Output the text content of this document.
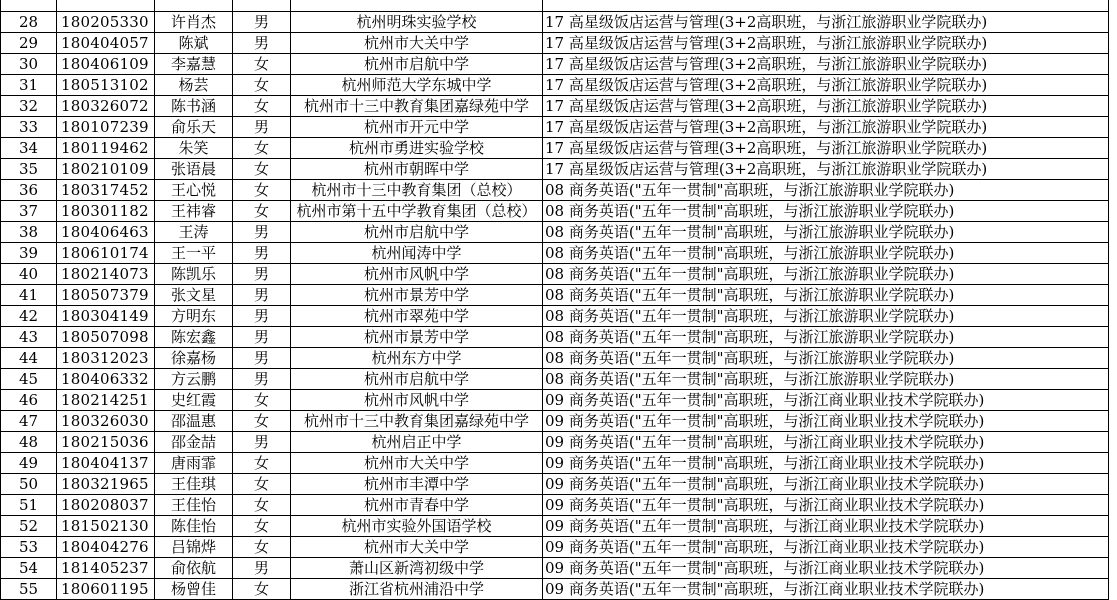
28	180205330	许肖杰	男	杭州明珠实验学校	17 高星级饭店运营与管理(3+2高职班，与浙江旅游职业学院联办)
29	180404057	陈斌	男	杭州市大关中学	17 高星级饭店运营与管理(3+2高职班，与浙江旅游职业学院联办)
30	180406109	李嘉慧	女	杭州市启航中学	17 高星级饭店运营与管理(3+2高职班，与浙江旅游职业学院联办)
31	180513102	杨芸	女	杭州师范大学东城中学	17 高星级饭店运营与管理(3+2高职班，与浙江旅游职业学院联办)
32	180326072	陈书涵	女	杭州市十三中教育集团嘉绿苑中学	17 高星级饭店运营与管理(3+2高职班，与浙江旅游职业学院联办)
33	180107239	俞乐天	男	杭州市开元中学	17 高星级饭店运营与管理(3+2高职班，与浙江旅游职业学院联办)
34	180119462	朱笑	女	杭州市勇进实验学校	17 高星级饭店运营与管理(3+2高职班，与浙江旅游职业学院联办)
35	180210109	张语晨	女	杭州市朝晖中学	17 高星级饭店运营与管理(3+2高职班，与浙江旅游职业学院联办)
36	180317452	王心悦	女	杭州市十三中教育集团（总校）	08 商务英语("五年一贯制"高职班，与浙江旅游职业学院联办)
37	180301182	王祎睿	女	杭州市第十五中学教育集团（总校）	08 商务英语("五年一贯制"高职班，与浙江旅游职业学院联办)
38	180406463	王涛	男	杭州市启航中学	08 商务英语("五年一贯制"高职班，与浙江旅游职业学院联办)
39	180610174	王一平	男	杭州闻涛中学	08 商务英语("五年一贯制"高职班，与浙江旅游职业学院联办)
40	180214073	陈凯乐	男	杭州市风帆中学	08 商务英语("五年一贯制"高职班，与浙江旅游职业学院联办)
41	180507379	张文星	男	杭州市景芳中学	08 商务英语("五年一贯制"高职班，与浙江旅游职业学院联办)
42	180304149	方明东	男	杭州市翠苑中学	08 商务英语("五年一贯制"高职班，与浙江旅游职业学院联办)
43	180507098	陈宏鑫	男	杭州市景芳中学	08 商务英语("五年一贯制"高职班，与浙江旅游职业学院联办)
44	180312023	徐嘉杨	男	杭州东方中学	08 商务英语("五年一贯制"高职班，与浙江旅游职业学院联办)
45	180406332	方云鹏	男	杭州市启航中学	08 商务英语("五年一贯制"高职班，与浙江旅游职业学院联办)
46	180214251	史红霞	女	杭州市风帆中学	09 商务英语("五年一贯制"高职班，与浙江商业职业技术学院联办)
47	180326030	邵温惠	女	杭州市十三中教育集团嘉绿苑中学	09 商务英语("五年一贯制"高职班，与浙江商业职业技术学院联办)
48	180215036	邵金喆	男	杭州启正中学	09 商务英语("五年一贯制"高职班，与浙江商业职业技术学院联办)
49	180404137	唐雨霏	女	杭州市大关中学	09 商务英语("五年一贯制"高职班，与浙江商业职业技术学院联办)
50	180321965	王佳琪	女	杭州市丰潭中学	09 商务英语("五年一贯制"高职班，与浙江商业职业技术学院联办)
51	180208037	王佳怡	女	杭州市青春中学	09 商务英语("五年一贯制"高职班，与浙江商业职业技术学院联办)
52	181502130	陈佳怡	女	杭州市实验外国语学校	09 商务英语("五年一贯制"高职班，与浙江商业职业技术学院联办)
53	180404276	吕锦烨	女	杭州市大关中学	09 商务英语("五年一贯制"高职班，与浙江商业职业技术学院联办)
54	181405237	俞依航	男	萧山区新湾初级中学	09 商务英语("五年一贯制"高职班，与浙江商业职业技术学院联办)
55	180601195	杨曾佳	女	浙江省杭州浦沿中学	09 商务英语("五年一贯制"高职班，与浙江商业职业技术学院联办)
